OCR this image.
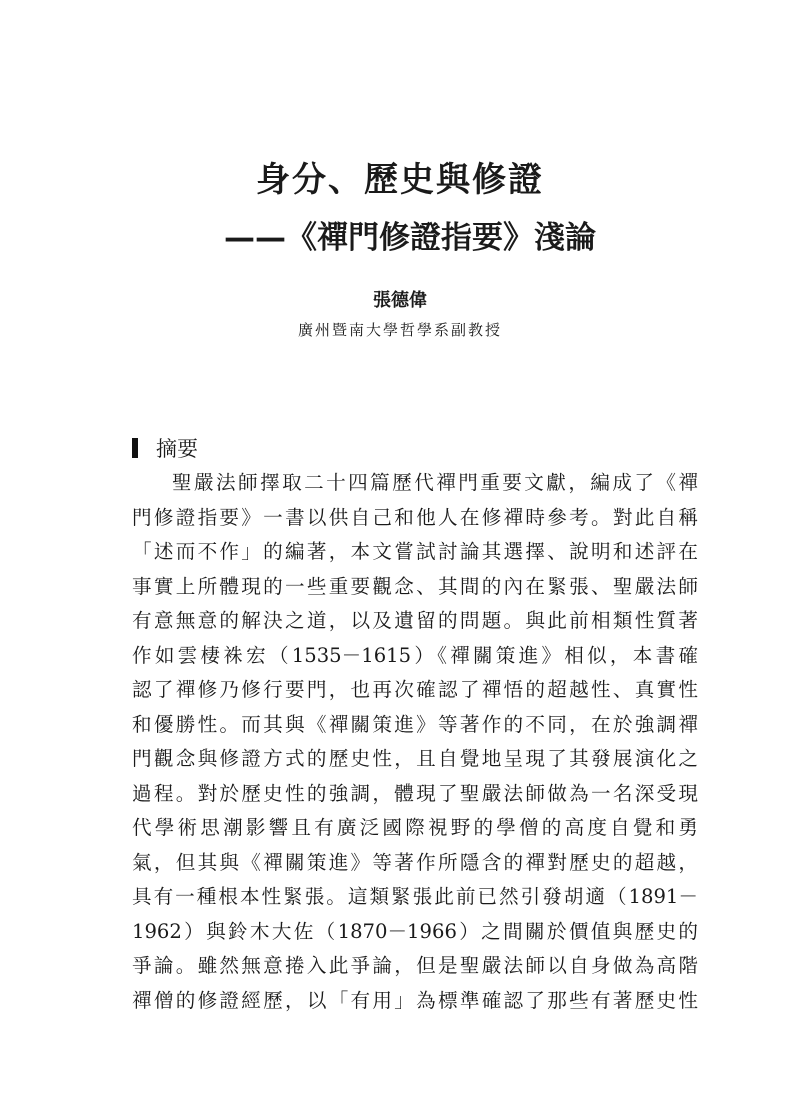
身分、歷史與修證
——《禪門修證指要》淺論
張德偉
廣州暨南大學哲學系副教授
摘要
聖嚴法師擇取二十四篇歷代禪門重要文獻，編成了《禪
門修證指要》一書以供自己和他人在修禪時參考。對此自稱
「述而不作」的編著，本文嘗試討論其選擇、說明和述評在
事實上所體現的一些重要觀念、其間的內在緊張、聖嚴法師
有意無意的解決之道，以及遺留的問題。與此前相類性質著
作如雲棲袾宏（1535－1615）《禪關策進》相似，本書確
認了禪修乃修行要門，也再次確認了禪悟的超越性、真實性
和優勝性。而其與《禪關策進》等著作的不同，在於強調禪
門觀念與修證方式的歷史性，且自覺地呈現了其發展演化之
過程。對於歷史性的強調，體現了聖嚴法師做為一名深受現
代學術思潮影響且有廣泛國際視野的學僧的高度自覺和勇
氣，但其與《禪關策進》等著作所隱含的禪對歷史的超越，
具有一種根本性緊張。這類緊張此前已然引發胡適（1891－
1962）與鈴木大佐（1870－1966）之間關於價值與歷史的
爭論。雖然無意捲入此爭論，但是聖嚴法師以自身做為高階
禪僧的修證經歷，以「有用」為標準確認了那些有著歷史性
